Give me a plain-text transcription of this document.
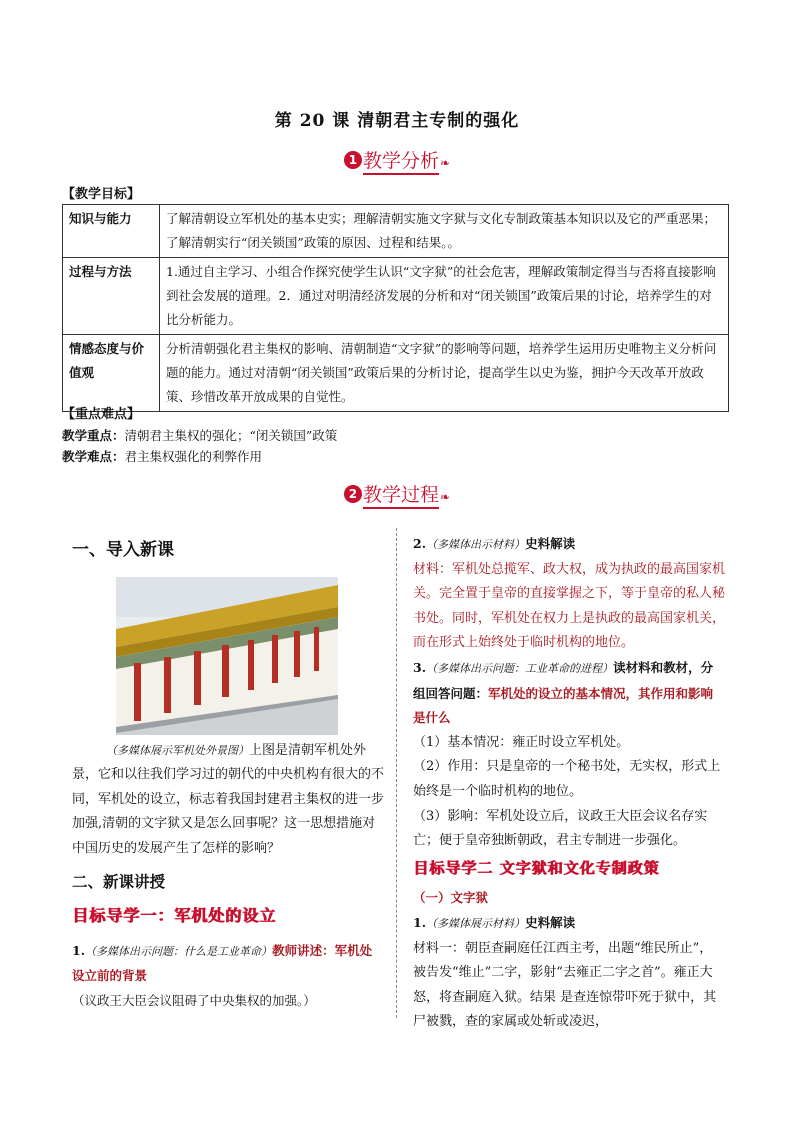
第 20 课 清朝君主专制的强化
1 教学分析❧
【教学目标】
知识与能力	了解清朝设立军机处的基本史实；理解清朝实施文字狱与文化专制政策基本知识以及它的严重恶果；了解清朝实行“闭关锁国”政策的原因、过程和结果。。
过程与方法	1.通过自主学习、小组合作探究使学生认识“文字狱”的社会危害，理解政策制定得当与否将直接影响到社会发展的道理。2．通过对明清经济发展的分析和对“闭关锁国”政策后果的讨论，培养学生的对比分析能力。
情感态度与价值观	分析清朝强化君主集权的影响、清朝制造“文字狱”的影响等问题，培养学生运用历史唯物主义分析问题的能力。通过对清朝“闭关锁国”政策后果的分析讨论，提高学生以史为鉴，拥护今天改革开放政策、珍惜改革开放成果的自觉性。
【重点难点】
教学重点：清朝君主集权的强化；“闭关锁国”政策
教学难点：君主集权强化的利弊作用
2 教学过程❧
一、导入新课
（多媒体展示军机处外景图）上图是清朝军机处外景，它和以往我们学习过的朝代的中央机构有很大的不同，军机处的设立，标志着我国封建君主集权的进一步加强,清朝的文字狱又是怎么回事呢？这一思想措施对中国历史的发展产生了怎样的影响？
二、新课讲授
目标导学一：军机处的设立
1.（多媒体出示问题：什么是工业革命）教师讲述：军机处设立前的背景
（议政王大臣会议阻碍了中央集权的加强。）
2.（多媒体出示材料）史料解读
材料：军机处总揽军、政大权，成为执政的最高国家机关。完全置于皇帝的直接掌握之下，等于皇帝的私人秘书处。同时，军机处在权力上是执政的最高国家机关，而在形式上始终处于临时机构的地位。
3.（多媒体出示问题：工业革命的进程）读材料和教材，分组回答问题：军机处的设立的基本情况，其作用和影响是什么
（1）基本情况：雍正时设立军机处。
（2）作用：只是皇帝的一个秘书处，无实权，形式上始终是一个临时机构的地位。
（3）影响：军机处设立后，议政王大臣会议名存实亡；便于皇帝独断朝政，君主专制进一步强化。
目标导学二 文字狱和文化专制政策
（一）文字狱
1.（多媒体展示材料）史料解读
材料一：朝臣查嗣庭任江西主考，出题“维民所止”，被告发“维止”二字，影射“去雍正二字之首”。雍正大怒，将查嗣庭入狱。结果 是查连惊带吓死于狱中，其尸被戮，查的家属或处斩或凌迟，
